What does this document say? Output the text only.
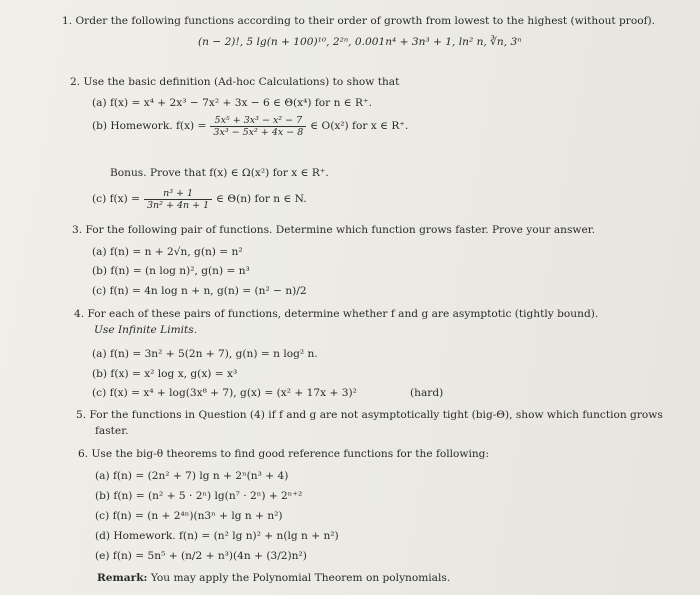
1. Order the following functions according to their order of growth from lowest to the highest (without proof).
(n − 2)!, 5 lg(n + 100)¹⁰, 2²ⁿ, 0.001n⁴ + 3n³ + 1, ln² n, ∛n, 3ⁿ
2. Use the basic definition (Ad-hoc Calculations) to show that
(a) f(x) = x⁴ + 2x³ − 7x² + 3x − 6 ∈ Θ(x⁴) for n ∈ R⁺.
(b) Homework. $f(x) = \frac{\text{5x⁵ + 3x³ − x² − 7}}{\text{3x³ − 5x² + 4x − 8}}$ ∈ O(x²) for x ∈ R⁺.
Bonus. Prove that f(x) ∈ Ω(x²) for x ∈ R⁺.
(c) $f(x) = \frac{\text{n³ + 1}}{\text{3n² + 4n + 1}}$ ∈ Θ(n) for n ∈ N.
3. For the following pair of functions. Determine which function grows faster. Prove your answer.
(a) f(n) = n + 2√n, g(n) = n²
(b) f(n) = (n log n)², g(n) = n³
(c) f(n) = 4n log n + n, g(n) = (n² − n)/2
4. For each of these pairs of functions, determine whether f and g are asymptotic (tightly bound).
Use Infinite Limits.
(a) f(n) = 3n² + 5(2n + 7), g(n) = n log² n.
(b) f(x) = x² log x, g(x) = x³
(c) f(x) = x⁴ + log(3x⁸ + 7), g(x) = (x² + 17x + 3)²	(hard)
5. For the functions in Question (4) if f and g are not asymptotically tight (big-Θ), show which function grows
faster.
6. Use the big-θ theorems to find good reference functions for the following:
(a) f(n) = (2n² + 7) lg n + 2ⁿ(n³ + 4)
(b) f(n) = (n² + 5 · 2ⁿ) lg(n⁷ · 2ⁿ) + 2ⁿ⁺²
(c) f(n) = (n + 2⁴ⁿ)(n3ⁿ + lg n + n²)
(d) Homework. f(n) = (n² lg n)² + n(lg n + n²)
(e) f(n) = 5n⁵ + (n/2 + n³)(4n + (3/2)n²)
Remark: You may apply the Polynomial Theorem on polynomials.
